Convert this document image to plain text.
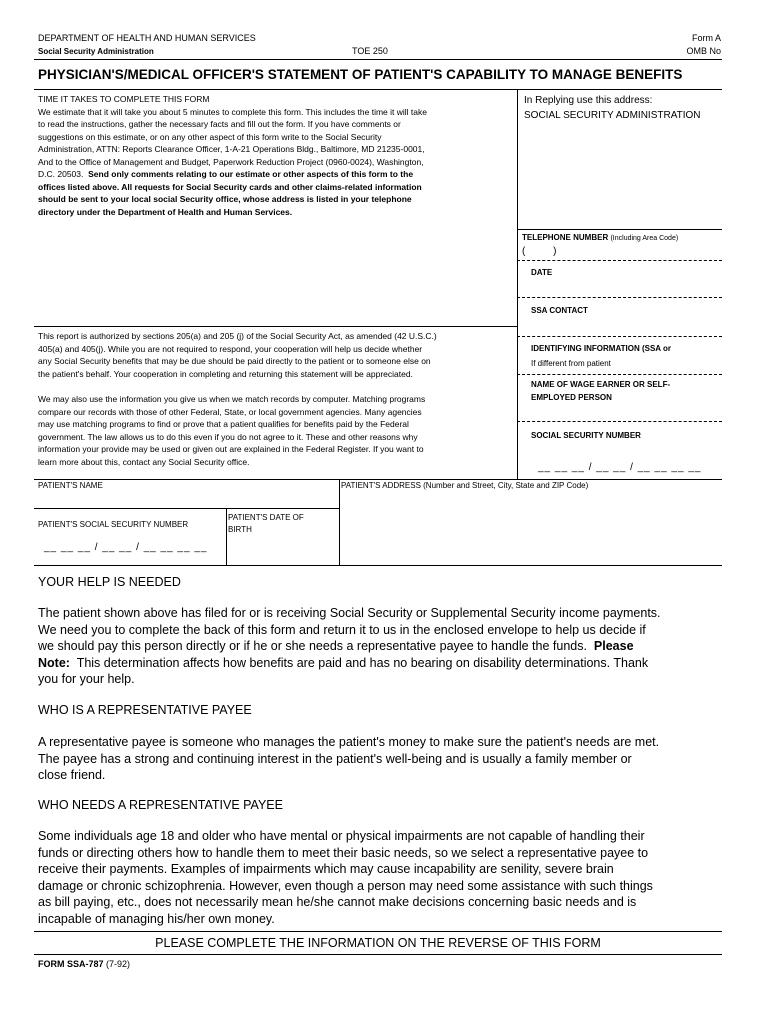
DEPARTMENT OF HEALTH AND HUMAN SERVICES
Social Security Administration	TOE 250
Form A
OMB No
PHYSICIAN'S/MEDICAL OFFICER'S STATEMENT OF PATIENT'S CAPABILITY TO MANAGE BENEFITS
TIME IT TAKES TO COMPLETE THIS FORM
We estimate that it will take you about 5 minutes to complete this form. This includes the time it will take
to read the instructions, gather the necessary facts and fill out the form. If you have comments or
suggestions on this estimate, or on any other aspect of this form write to the Social Security
Administration, ATTN: Reports Clearance Officer, 1-A-21 Operations Bldg., Baltimore, MD 21235-0001,
And to the Office of Management and Budget, Paperwork Reduction Project (0960-0024), Washington,
D.C. 20503. Send only comments relating to our estimate or other aspects of this form to the
offices listed above. All requests for Social Security cards and other claims-related information
should be sent to your local social Security office, whose address is listed in your telephone
directory under the Department of Health and Human Services.
In Replying use this address:
SOCIAL SECURITY ADMINISTRATION
TELEPHONE NUMBER (Including Area Code)
(          )
DATE
SSA CONTACT
IDENTIFYING INFORMATION (SSA or
If different from patient
NAME OF WAGE EARNER OR SELF-
EMPLOYED PERSON
SOCIAL SECURITY NUMBER
__ __ __ / __ __ / __ __ __ __
This report is authorized by sections 205(a) and 205 (j) of the Social Security Act, as amended (42 U.S.C.)
405(a) and 405(j). While you are not required to respond, your cooperation will help us decide whether
any Social Security benefits that may be due should be paid directly to the patient or to someone else on
the patient's behalf. Your cooperation in completing and returning this statement will be appreciated.
We may also use the information you give us when we match records by computer. Matching programs
compare our records with those of other Federal, State, or local government agencies. Many agencies
may use matching programs to find or prove that a patient qualifies for benefits paid by the Federal
government. The law allows us to do this even if you do not agree to it. These and other reasons why
information your provide may be used or given out are explained in the Federal Register. If you want to
learn more about this, contact any Social Security office.
PATIENT'S NAME	PATIENT'S ADDRESS (Number and Street, City, State and ZIP Code)
PATIENT'S SOCIAL SECURITY NUMBER
PATIENT'S DATE OF
BIRTH
__ __ __ / __ __ / __ __ __ __
YOUR HELP IS NEEDED
The patient shown above has filed for or is receiving Social Security or Supplemental Security income payments.
We need you to complete the back of this form and return it to us in the enclosed envelope to help us decide if
we should pay this person directly or if he or she needs a representative payee to handle the funds. Please
Note: This determination affects how benefits are paid and has no bearing on disability determinations. Thank
you for your help.
WHO IS A REPRESENTATIVE PAYEE
A representative payee is someone who manages the patient's money to make sure the patient's needs are met.
The payee has a strong and continuing interest in the patient's well-being and is usually a family member or
close friend.
WHO NEEDS A REPRESENTATIVE PAYEE
Some individuals age 18 and older who have mental or physical impairments are not capable of handling their
funds or directing others how to handle them to meet their basic needs, so we select a representative payee to
receive their payments. Examples of impairments which may cause incapability are senility, severe brain
damage or chronic schizophrenia. However, even though a person may need some assistance with such things
as bill paying, etc., does not necessarily mean he/she cannot make decisions concerning basic needs and is
incapable of managing his/her own money.
PLEASE COMPLETE THE INFORMATION ON THE REVERSE OF THIS FORM
FORM SSA-787 (7-92)
